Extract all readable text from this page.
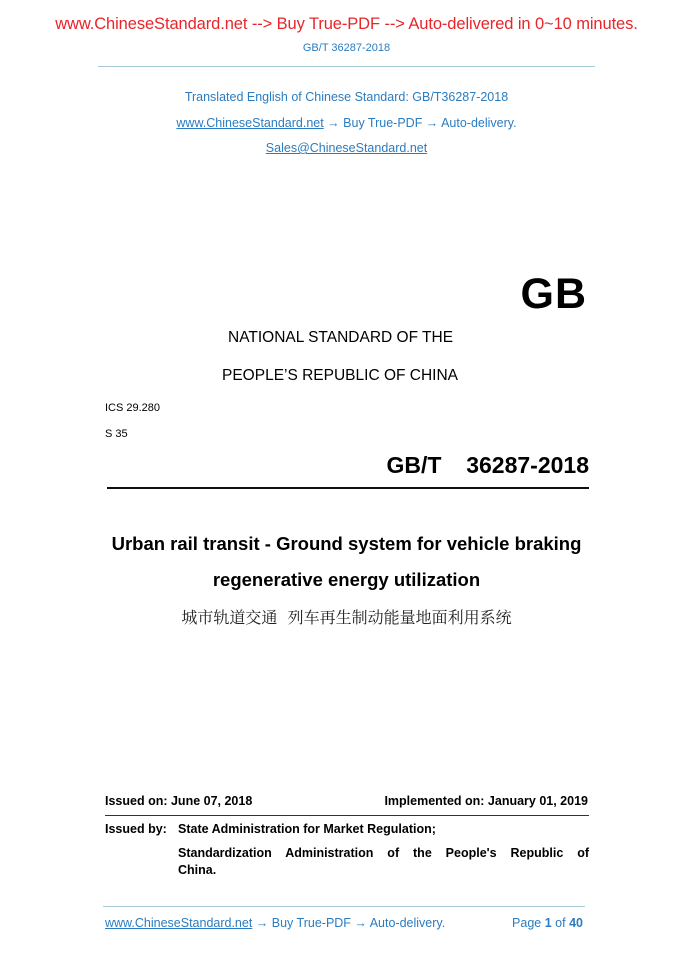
www.ChineseStandard.net --> Buy True-PDF --> Auto-delivered in 0~10 minutes.
GB/T 36287-2018
Translated English of Chinese Standard: GB/T36287-2018
www.ChineseStandard.net → Buy True-PDF → Auto-delivery.
Sales@ChineseStandard.net
GB
NATIONAL STANDARD OF THE
PEOPLE’S REPUBLIC OF CHINA
ICS 29.280
S 35
GB/T  36287-2018
Urban rail transit - Ground system for vehicle braking
regenerative energy utilization
城市轨道交通  列车再生制动能量地面利用系统
Issued on: June 07, 2018	Implemented on: January 01, 2019
Issued by: State Administration for Market Regulation;
Standardization Administration of the People's Republic of China.
www.ChineseStandard.net → Buy True-PDF → Auto-delivery.	Page 1 of 40
